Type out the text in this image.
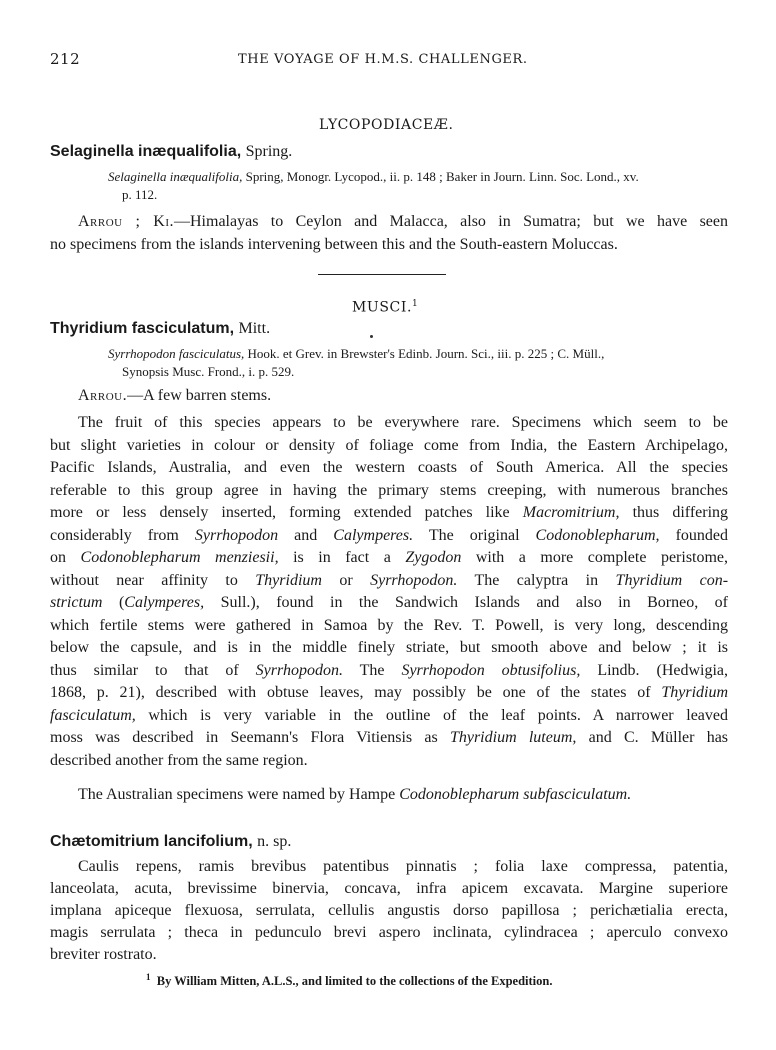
212	THE VOYAGE OF H.M.S. CHALLENGER.
LYCOPODIACEÆ.
Selaginella inæqualifolia, Spring.
Selaginella inæqualifolia, Spring, Monogr. Lycopod., ii. p. 148 ; Baker in Journ. Linn. Soc. Lond., xv.
p. 112.
Arrou ; Ki.—Himalayas to Ceylon and Malacca, also in Sumatra; but we have seen
no specimens from the islands intervening between this and the South-eastern Moluccas.
MUSCI.$^1$
Thyridium fasciculatum, Mitt.
Syrrhopodon fasciculatus, Hook. et Grev. in Brewster's Edinb. Journ. Sci., iii. p. 225 ; C. Müll.,
Synopsis Musc. Frond., i. p. 529.
Arrou.—A few barren stems.
The fruit of this species appears to be everywhere rare. Specimens which seem to be
but slight varieties in colour or density of foliage come from India, the Eastern Archipelago,
Pacific Islands, Australia, and even the western coasts of South America. All the species
referable to this group agree in having the primary stems creeping, with numerous branches
more or less densely inserted, forming extended patches like Macromitrium, thus differing
considerably from Syrrhopodon and Calymperes. The original Codonoblepharum, founded
on Codonoblepharum menziesii, is in fact a Zygodon with a more complete peristome,
without near affinity to Thyridium or Syrrhopodon. The calyptra in Thyridium con-
strictum (Calymperes, Sull.), found in the Sandwich Islands and also in Borneo, of
which fertile stems were gathered in Samoa by the Rev. T. Powell, is very long, descending
below the capsule, and is in the middle finely striate, but smooth above and below ; it is
thus similar to that of Syrrhopodon. The Syrrhopodon obtusifolius, Lindb. (Hedwigia,
1868, p. 21), described with obtuse leaves, may possibly be one of the states of Thyridium
fasciculatum, which is very variable in the outline of the leaf points. A narrower leaved
moss was described in Seemann's Flora Vitiensis as Thyridium luteum, and C. Müller has
described another from the same region.
The Australian specimens were named by Hampe Codonoblepharum subfasciculatum.
Chætomitrium lancifolium, n. sp.
Caulis repens, ramis brevibus patentibus pinnatis ; folia laxe compressa, patentia,
lanceolata, acuta, brevissime binervia, concava, infra apicem excavata. Margine superiore
implana apiceque flexuosa, serrulata, cellulis angustis dorso papillosa ; perichætialia erecta,
magis serrulata ; theca in pedunculo brevi aspero inclinata, cylindracea ; aperculo convexo
breviter rostrato.
$^1$ By William Mitten, A.L.S., and limited to the collections of the Expedition.
